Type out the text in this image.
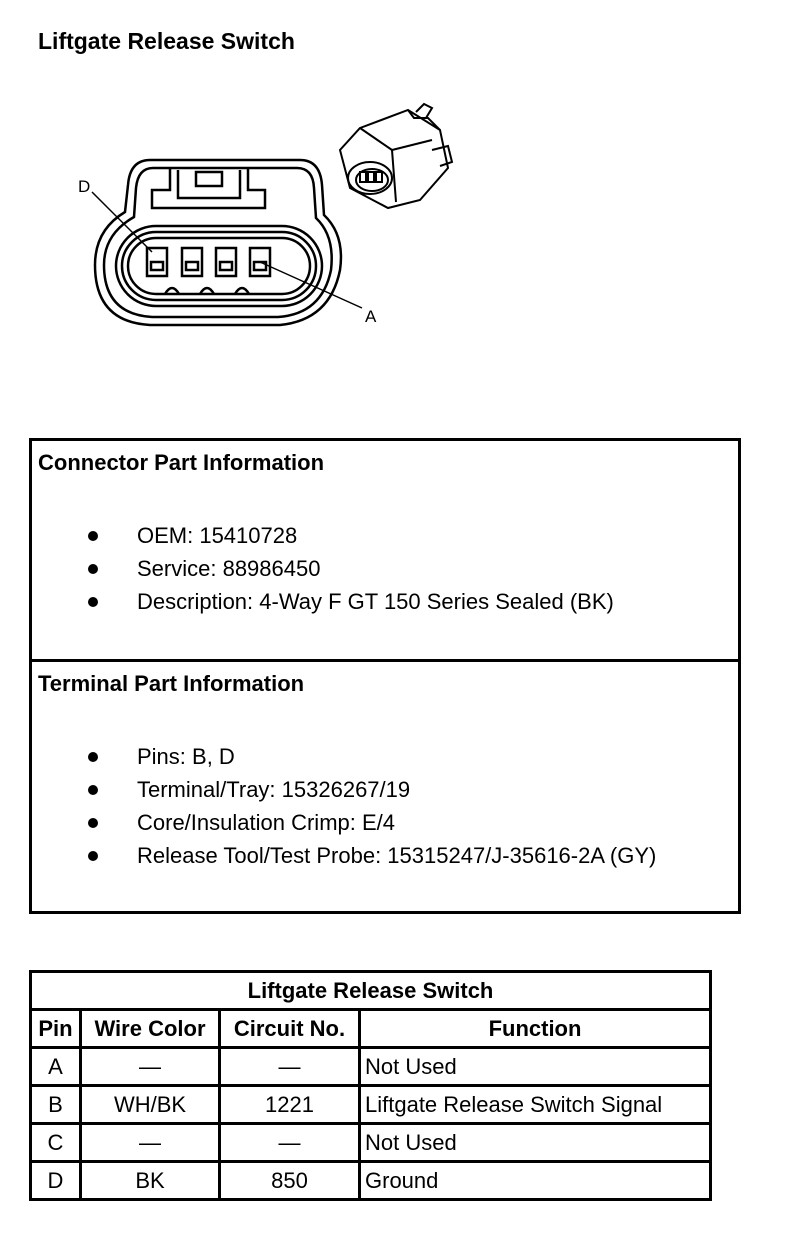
Liftgate Release Switch
D
A
Connector Part Information
OEM: 15410728
Service: 88986450
Description: 4-Way F GT 150 Series Sealed (BK)
Terminal Part Information
Pins: B, D
Terminal/Tray: 15326267/19
Core/Insulation Crimp: E/4
Release Tool/Test Probe: 15315247/J-35616-2A (GY)
Liftgate Release Switch			
Pin	Wire Color	Circuit No.	Function
A	—	—	Not Used
B	WH/BK	1221	Liftgate Release Switch Signal
C	—	—	Not Used
D	BK	850	Ground
